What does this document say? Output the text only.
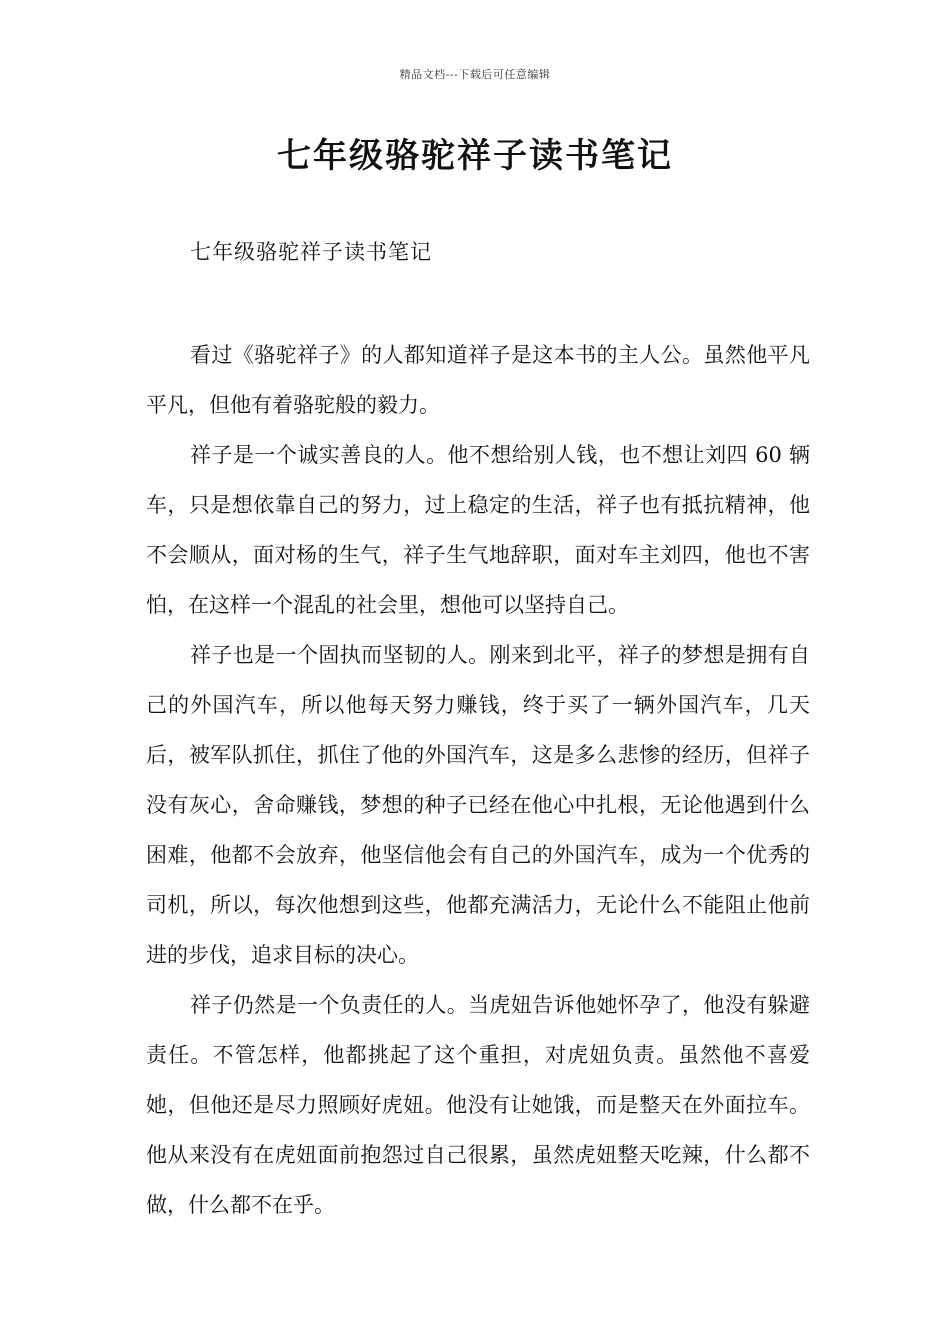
精品文档---下载后可任意编辑
七年级骆驼祥子读书笔记
七年级骆驼祥子读书笔记

看过《骆驼祥子》的人都知道祥子是这本书的主人公。虽然他平凡平凡，但他有着骆驼般的毅力。

祥子是一个诚实善良的人。他不想给别人钱，也不想让刘四 60 辆车，只是想依靠自己的努力，过上稳定的生活，祥子也有抵抗精神，他不会顺从，面对杨的生气，祥子生气地辞职，面对车主刘四，他也不害怕，在这样一个混乱的社会里，想他可以坚持自己。

祥子也是一个固执而坚韧的人。刚来到北平，祥子的梦想是拥有自己的外国汽车，所以他每天努力赚钱，终于买了一辆外国汽车，几天后，被军队抓住，抓住了他的外国汽车，这是多么悲惨的经历，但祥子没有灰心，舍命赚钱，梦想的种子已经在他心中扎根，无论他遇到什么困难，他都不会放弃，他坚信他会有自己的外国汽车，成为一个优秀的司机，所以，每次他想到这些，他都充满活力，无论什么不能阻止他前进的步伐，追求目标的决心。

祥子仍然是一个负责任的人。当虎妞告诉他她怀孕了，他没有躲避责任。不管怎样，他都挑起了这个重担，对虎妞负责。虽然他不喜爱她，但他还是尽力照顾好虎妞。他没有让她饿，而是整天在外面拉车。他从来没有在虎妞面前抱怨过自己很累，虽然虎妞整天吃辣，什么都不做，什么都不在乎。
